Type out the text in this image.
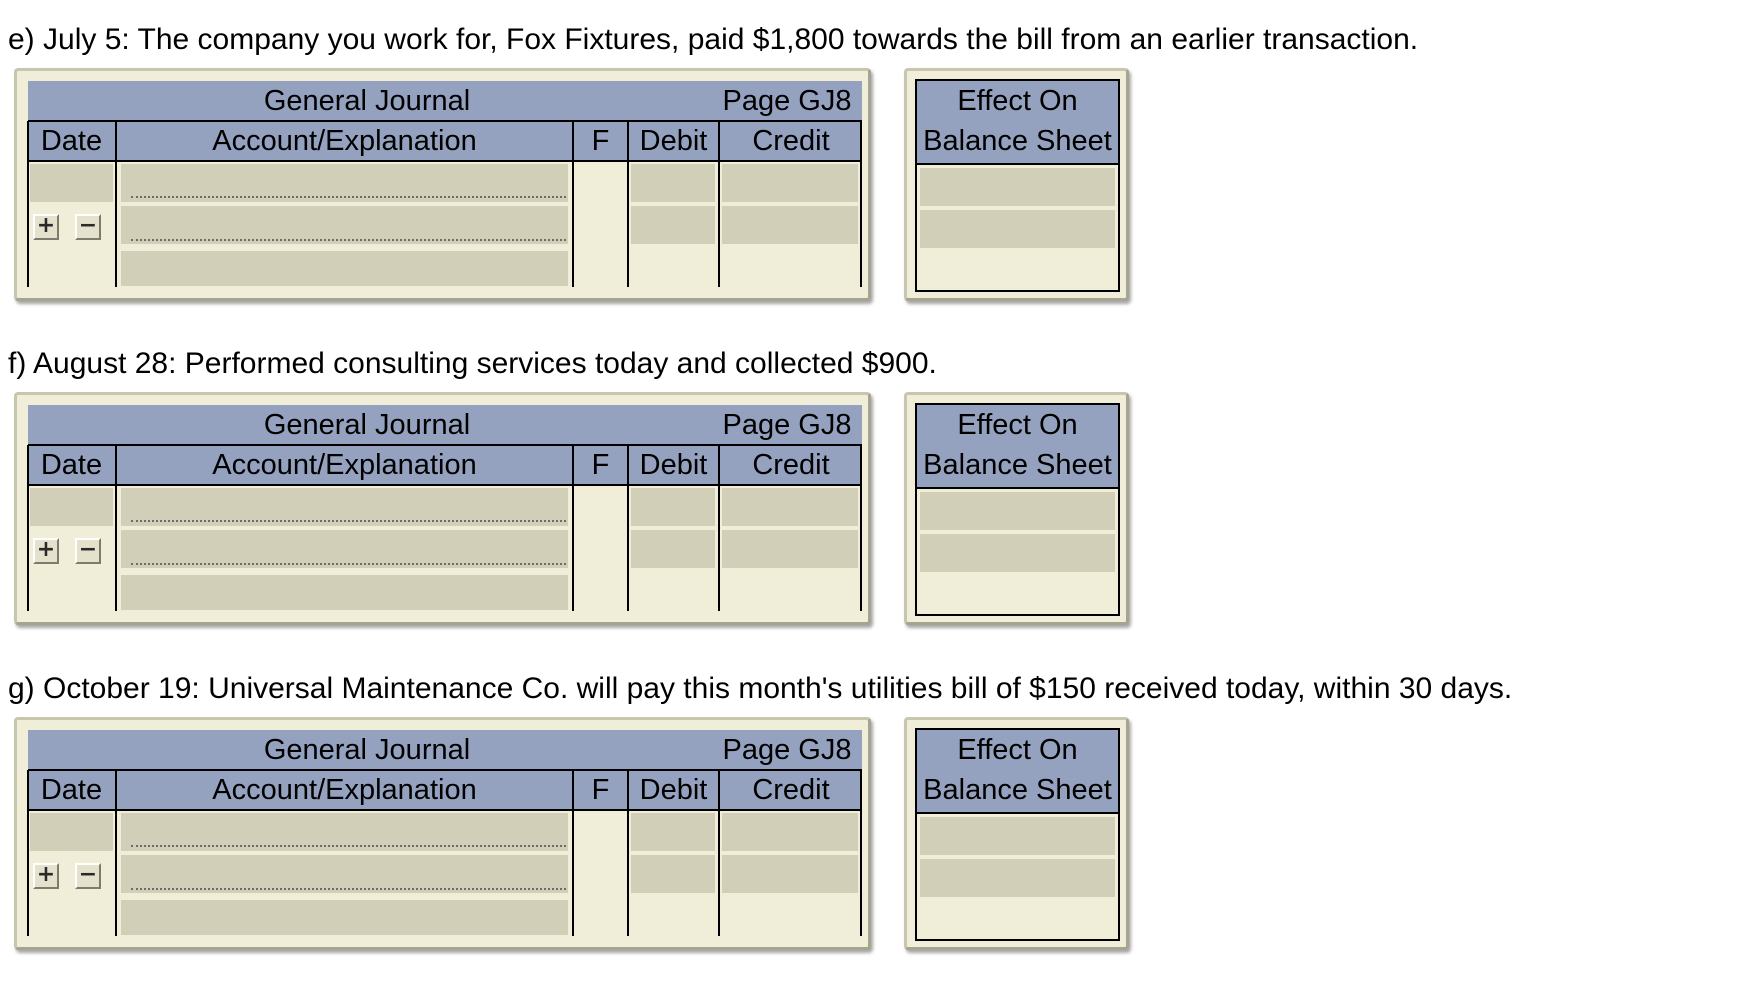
e) July 5: The company you work for, Fox Fixtures, paid $1,800 towards the bill from an earlier transaction.
General Journal	Page GJ8
Date	Account/Explanation	F	Debit	Credit
+ −
Effect On
Balance Sheet
f) August 28: Performed consulting services today and collected $900.
General Journal	Page GJ8
Date	Account/Explanation	F	Debit	Credit
+ −
Effect On
Balance Sheet
g) October 19: Universal Maintenance Co. will pay this month's utilities bill of $150 received today, within 30 days.
General Journal	Page GJ8
Date	Account/Explanation	F	Debit	Credit
+ −
Effect On
Balance Sheet
